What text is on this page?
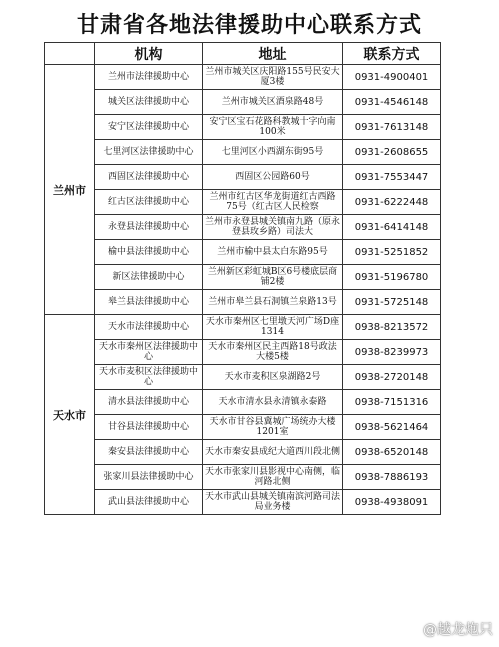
甘肃省各地法律援助中心联系方式
	机构	地址	联系方式
兰州市	兰州市法律援助中心	兰州市城关区庆阳路155号民安大厦3楼	0931-4900401
	城关区法律援助中心	兰州市城关区酒泉路48号	0931-4546148
	安宁区法律援助中心	安宁区宝石花路科教城十字向南100米	0931-7613148
	七里河区法律援助中心	七里河区小西湖东街95号	0931-2608655
	西固区法律援助中心	西固区公园路60号	0931-7553447
	红古区法律援助中心	兰州市红古区华龙街道红古西路75号（红古区人民检察	0931-6222448
	永登县法律援助中心	兰州市永登县城关镇南九路（原永登县玫乡路）司法大	0931-6414148
	榆中县法律援助中心	兰州市榆中县太白东路95号	0931-5251852
	新区法律援助中心	兰州新区彩虹城B区6号楼底层商铺2楼	0931-5196780
	皋兰县法律援助中心	兰州市皋兰县石洞镇兰泉路13号	0931-5725148
天水市	天水市法律援助中心	天水市秦州区七里墩天河广场D座1314	0938-8213572
	天水市秦州区法律援助中心	天水市秦州区民主西路18号政法大楼5楼	0938-8239973
	天水市麦积区法律援助中心	天水市麦积区泉湖路2号	0938-2720148
	清水县法律援助中心	天水市清水县永清镇永泰路	0938-7151316
	甘谷县法律援助中心	天水市甘谷县冀城广场统办大楼1201室	0938-5621464
	秦安县法律援助中心	天水市秦安县成纪大道西川段北侧	0938-6520148
	张家川县法律援助中心	天水市张家川县影视中心南侧，临河路北侧	0938-7886193
	武山县法律援助中心	天水市武山县城关镇南滨河路司法局业务楼	0938-4938091
@越龙炮只
